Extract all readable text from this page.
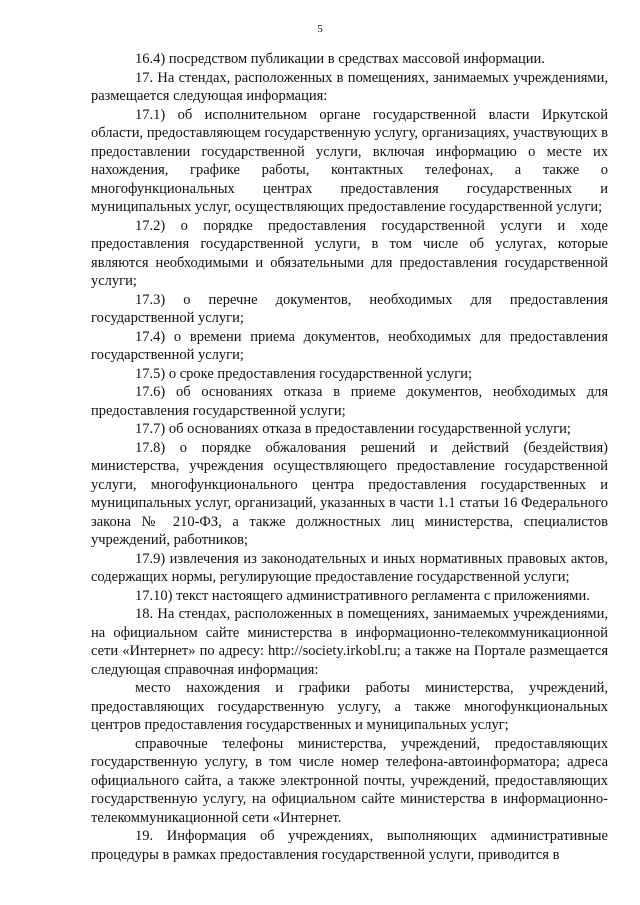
5

16.4) посредством публикации в средствах массовой информации.

17. На стендах, расположенных в помещениях, занимаемых учреждениями, размещается следующая информация:

17.1) об исполнительном органе государственной власти Иркутской области, предоставляющем государственную услугу, организациях, участвующих в предоставлении государственной услуги, включая информацию о месте их нахождения, графике работы, контактных телефонах, а также о многофункциональных центрах предоставления государственных и муниципальных услуг, осуществляющих предоставление государственной услуги;

17.2) о порядке предоставления государственной услуги и ходе предоставления государственной услуги, в том числе об услугах, которые являются необходимыми и обязательными для предоставления государственной услуги;

17.3) о перечне документов, необходимых для предоставления государственной услуги;

17.4) о времени приема документов, необходимых для предоставления государственной услуги;

17.5) о сроке предоставления государственной услуги;

17.6) об основаниях отказа в приеме документов, необходимых для предоставления государственной услуги;

17.7) об основаниях отказа в предоставлении государственной услуги;

17.8) о порядке обжалования решений и действий (бездействия) министерства, учреждения осуществляющего предоставление государственной услуги, многофункционального центра предоставления государственных и муниципальных услуг, организаций, указанных в части 1.1 статьи 16 Федерального закона № 210-ФЗ, а также должностных лиц министерства, специалистов учреждений, работников;

17.9) извлечения из законодательных и иных нормативных правовых актов, содержащих нормы, регулирующие предоставление государственной услуги;

17.10) текст настоящего административного регламента с приложениями.

18. На стендах, расположенных в помещениях, занимаемых учреждениями, на официальном сайте министерства в информационно-телекоммуникационной сети «Интернет» по адресу: http://society.irkobl.ru; а также на Портале размещается следующая справочная информация:

место нахождения и графики работы министерства, учреждений, предоставляющих государственную услугу, а также многофункциональных центров предоставления государственных и муниципальных услуг;

справочные телефоны министерства, учреждений, предоставляющих государственную услугу, в том числе номер телефона-автоинформатора; адреса официального сайта, а также электронной почты, учреждений, предоставляющих государственную услугу, на официальном сайте министерства в информационно-телекоммуникационной сети «Интернет.

19. Информация об учреждениях, выполняющих административные процедуры в рамках предоставления государственной услуги, приводится в
